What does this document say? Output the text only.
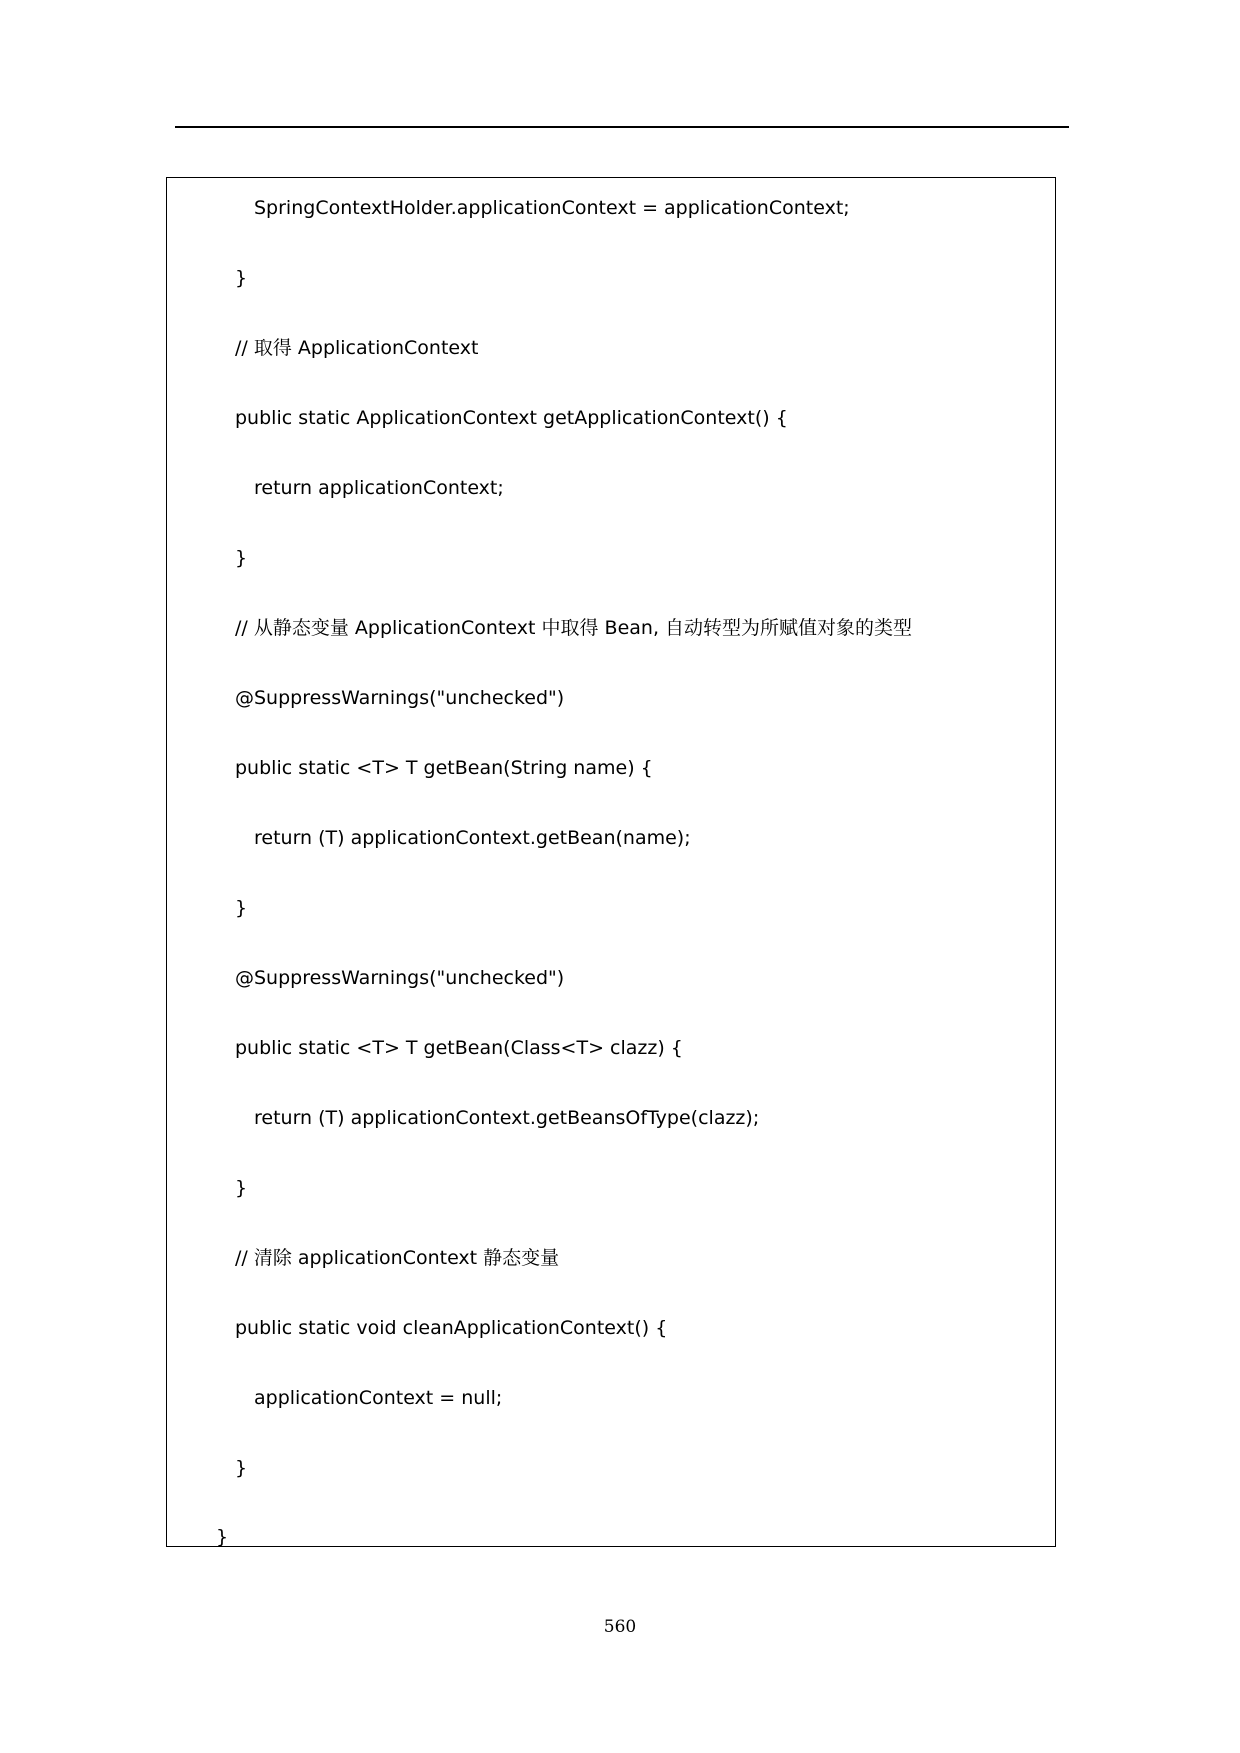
SpringContextHolder.applicationContext = applicationContext;
}
// 取得 ApplicationContext
public static ApplicationContext getApplicationContext() {
return applicationContext;
}
// 从静态变量 ApplicationContext 中取得 Bean, 自动转型为所赋值对象的类型
@SuppressWarnings("unchecked")
public static <T> T getBean(String name) {
return (T) applicationContext.getBean(name);
}
@SuppressWarnings("unchecked")
public static <T> T getBean(Class<T> clazz) {
return (T) applicationContext.getBeansOfType(clazz);
}
// 清除 applicationContext 静态变量
public static void cleanApplicationContext() {
applicationContext = null;
}
}
560
